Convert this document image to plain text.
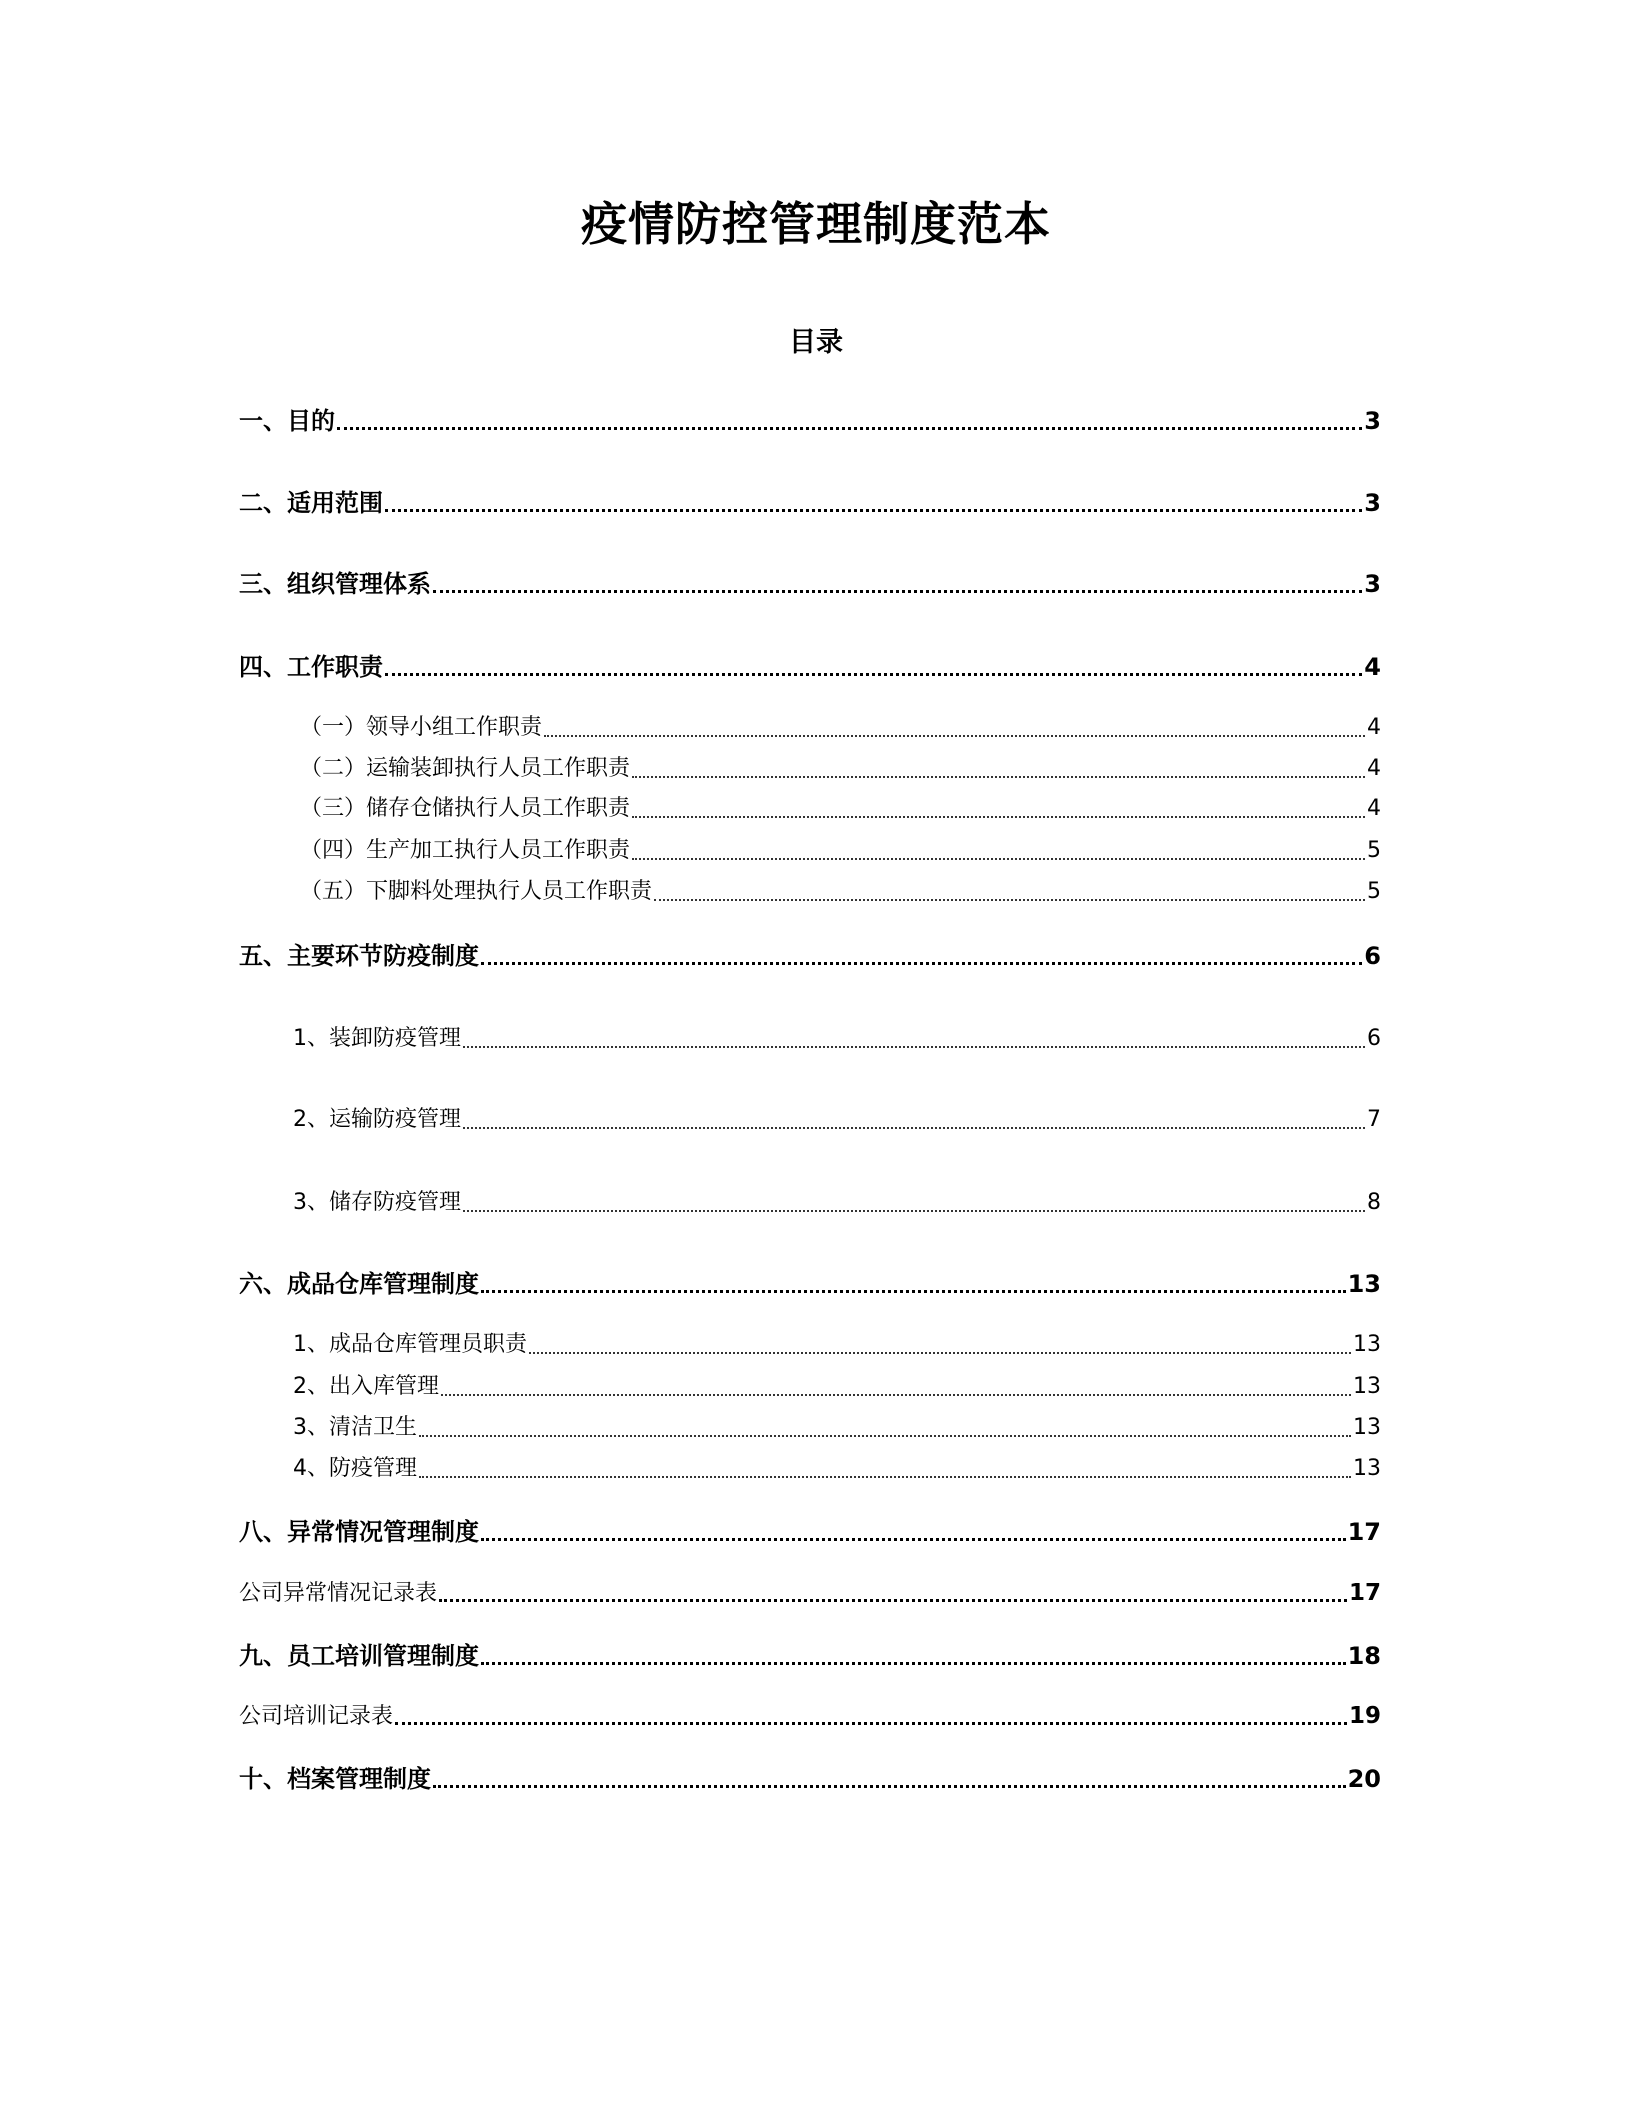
疫情防控管理制度范本
目录
一、目的	3
二、适用范围	3
三、组织管理体系	3
四、工作职责	4
（一）领导小组工作职责	4
（二）运输装卸执行人员工作职责	4
（三）储存仓储执行人员工作职责	4
（四）生产加工执行人员工作职责	5
（五）下脚料处理执行人员工作职责	5
五、主要环节防疫制度	6
1、装卸防疫管理	6
2、运输防疫管理	7
3、储存防疫管理	8
六、成品仓库管理制度	13
1、成品仓库管理员职责	13
2、出入库管理	13
3、清洁卫生	13
4、防疫管理	13
八、异常情况管理制度	17
公司异常情况记录表	17
九、员工培训管理制度	18
公司培训记录表	19
十、档案管理制度	20
